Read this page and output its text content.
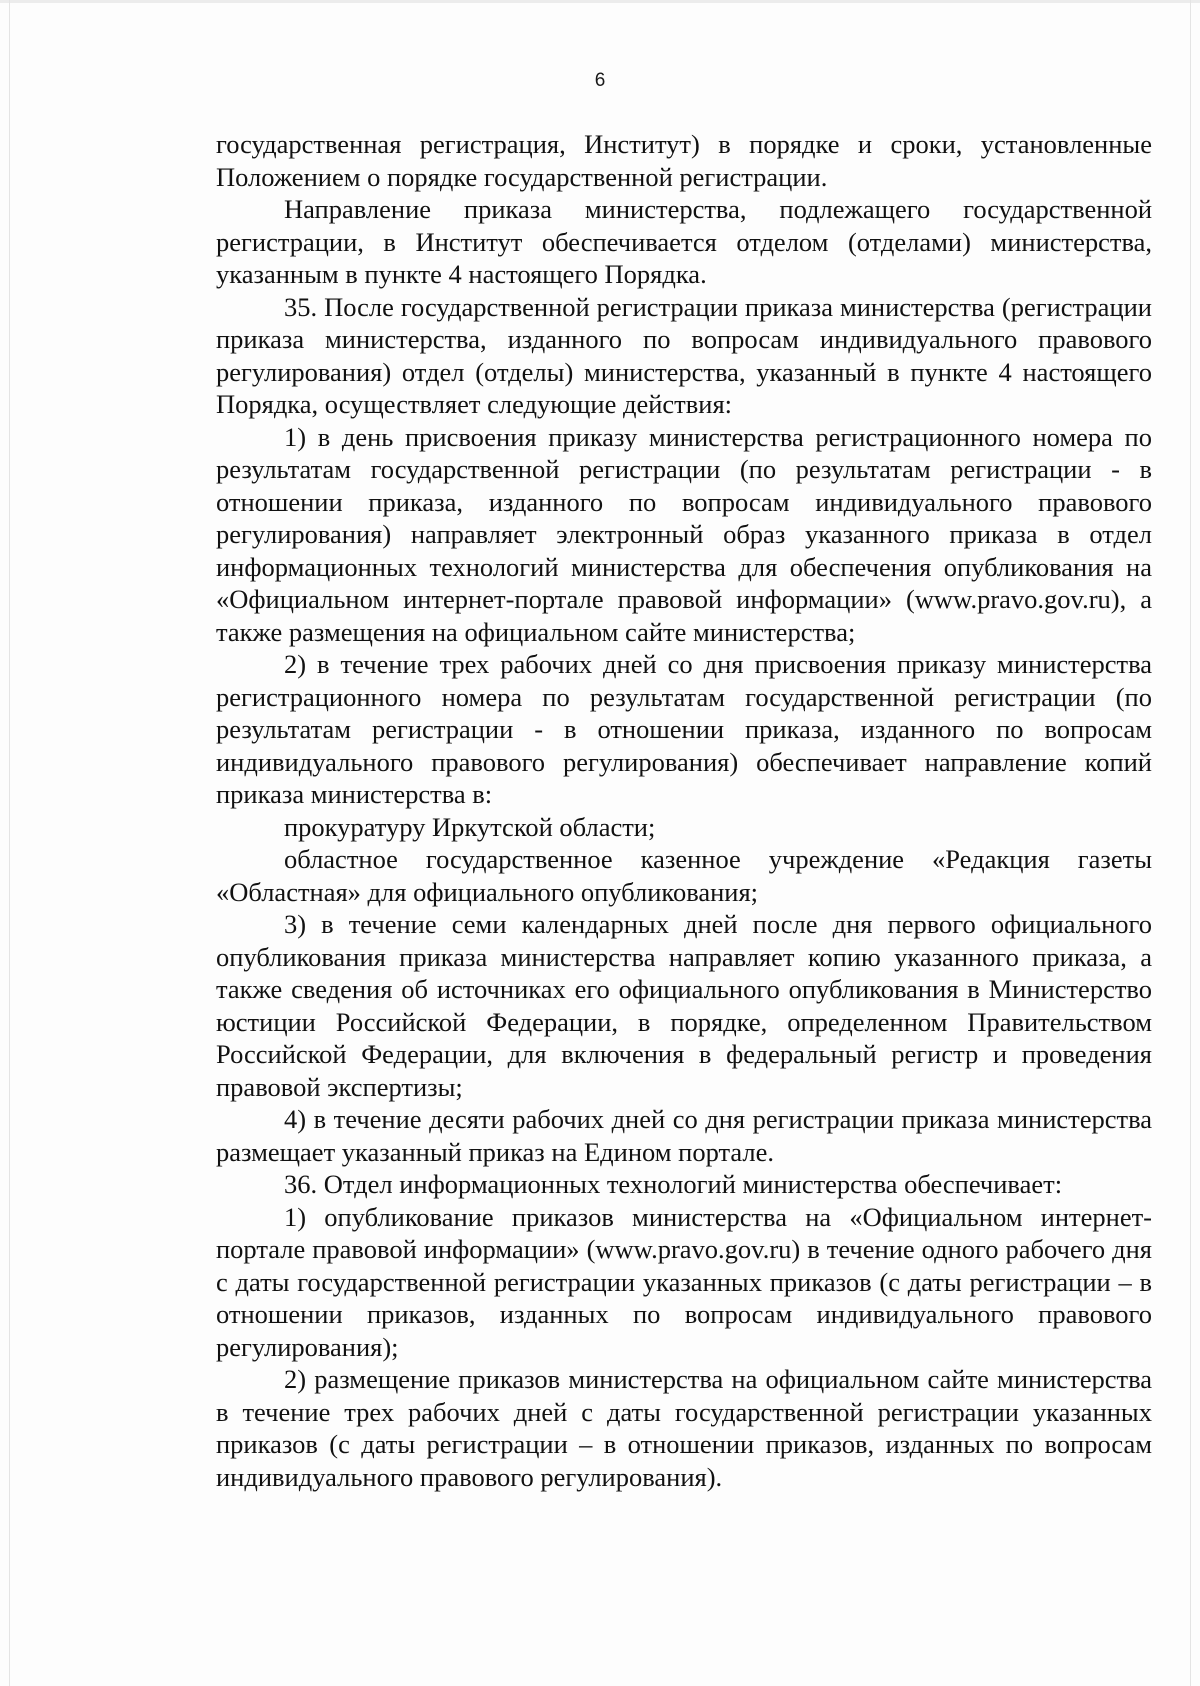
6

государственная регистрация, Институт) в порядке и сроки, установленные Положением о порядке государственной регистрации.

Направление приказа министерства, подлежащего государственной регистрации, в Институт обеспечивается отделом (отделами) министерства, указанным в пункте 4 настоящего Порядка.

35. После государственной регистрации приказа министерства (регистрации приказа министерства, изданного по вопросам индивидуального правового регулирования) отдел (отделы) министерства, указанный в пункте 4 настоящего Порядка, осуществляет следующие действия:

1) в день присвоения приказу министерства регистрационного номера по результатам государственной регистрации (по результатам регистрации - в отношении приказа, изданного по вопросам индивидуального правового регулирования) направляет электронный образ указанного приказа в отдел информационных технологий министерства для обеспечения опубликования на «Официальном интернет-портале правовой информации» (www.pravo.gov.ru), а также размещения на официальном сайте министерства;

2) в течение трех рабочих дней со дня присвоения приказу министерства регистрационного номера по результатам государственной регистрации (по результатам регистрации - в отношении приказа, изданного по вопросам индивидуального правового регулирования) обеспечивает направление копий приказа министерства в:

прокуратуру Иркутской области;

областное государственное казенное учреждение «Редакция газеты «Областная» для официального опубликования;

3) в течение семи календарных дней после дня первого официального опубликования приказа министерства направляет копию указанного приказа, а также сведения об источниках его официального опубликования в Министерство юстиции Российской Федерации, в порядке, определенном Правительством Российской Федерации, для включения в федеральный регистр и проведения правовой экспертизы;

4) в течение десяти рабочих дней со дня регистрации приказа министерства размещает указанный приказ на Едином портале.

36. Отдел информационных технологий министерства обеспечивает:

1) опубликование приказов министерства на «Официальном интернет-портале правовой информации» (www.pravo.gov.ru) в течение одного рабочего дня с даты государственной регистрации указанных приказов (с даты регистрации – в отношении приказов, изданных по вопросам индивидуального правового регулирования);

2) размещение приказов министерства на официальном сайте министерства в течение трех рабочих дней с даты государственной регистрации указанных приказов (с даты регистрации – в отношении приказов, изданных по вопросам индивидуального правового регулирования).
